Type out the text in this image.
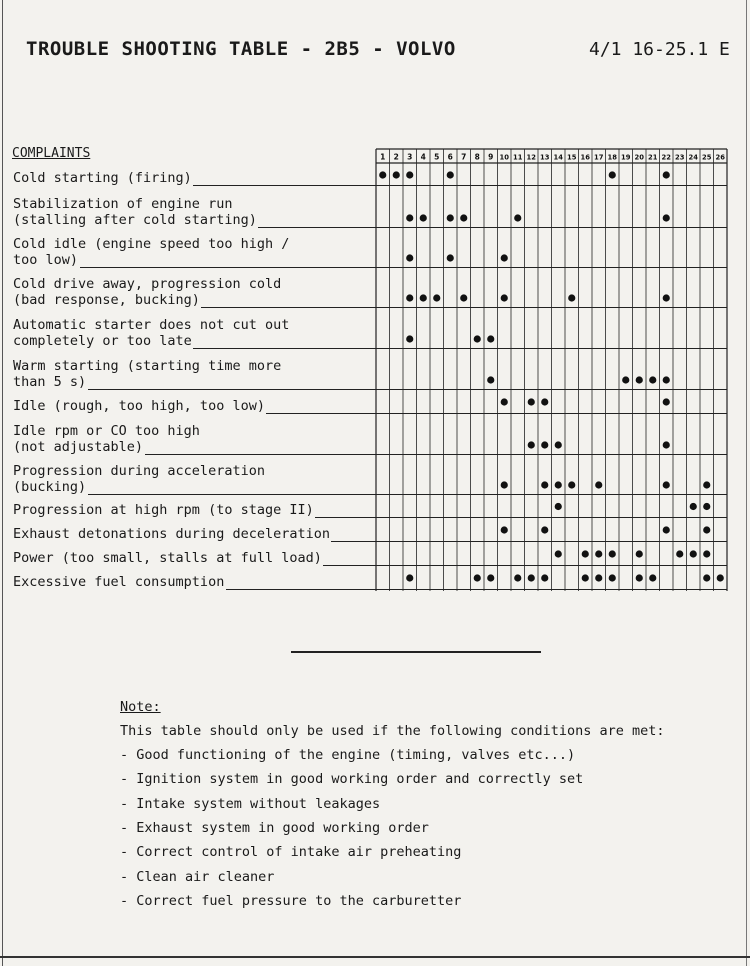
TROUBLE SHOOTING TABLE - 2B5 - VOLVO	4/1 16-25.1 E
COMPLAINTS
Cold starting (firing)
Stabilization of engine run
(stalling after cold starting)
Cold idle (engine speed too high /
too low)
Cold drive away, progression cold
(bad response, bucking)
Automatic starter does not cut out
completely or too late
Warm starting (starting time more
than 5 s)
Idle (rough, too high, too low)
Idle rpm or CO too high
(not adjustable)
Progression during acceleration
(bucking)
Progression at high rpm (to stage II)
Exhaust detonations during deceleration
Power (too small, stalls at full load)
Excessive fuel consumption
1 2 3 4 5 6 7 8 9 10 11 12 13 14 15 16 17 18 19 20 21 22 23 24 25 26
Note:
This table should only be used if the following conditions are met:
- Good functioning of the engine (timing, valves etc...)
- Ignition system in good working order and correctly set
- Intake system without leakages
- Exhaust system in good working order
- Correct control of intake air preheating
- Clean air cleaner
- Correct fuel pressure to the carburetter
